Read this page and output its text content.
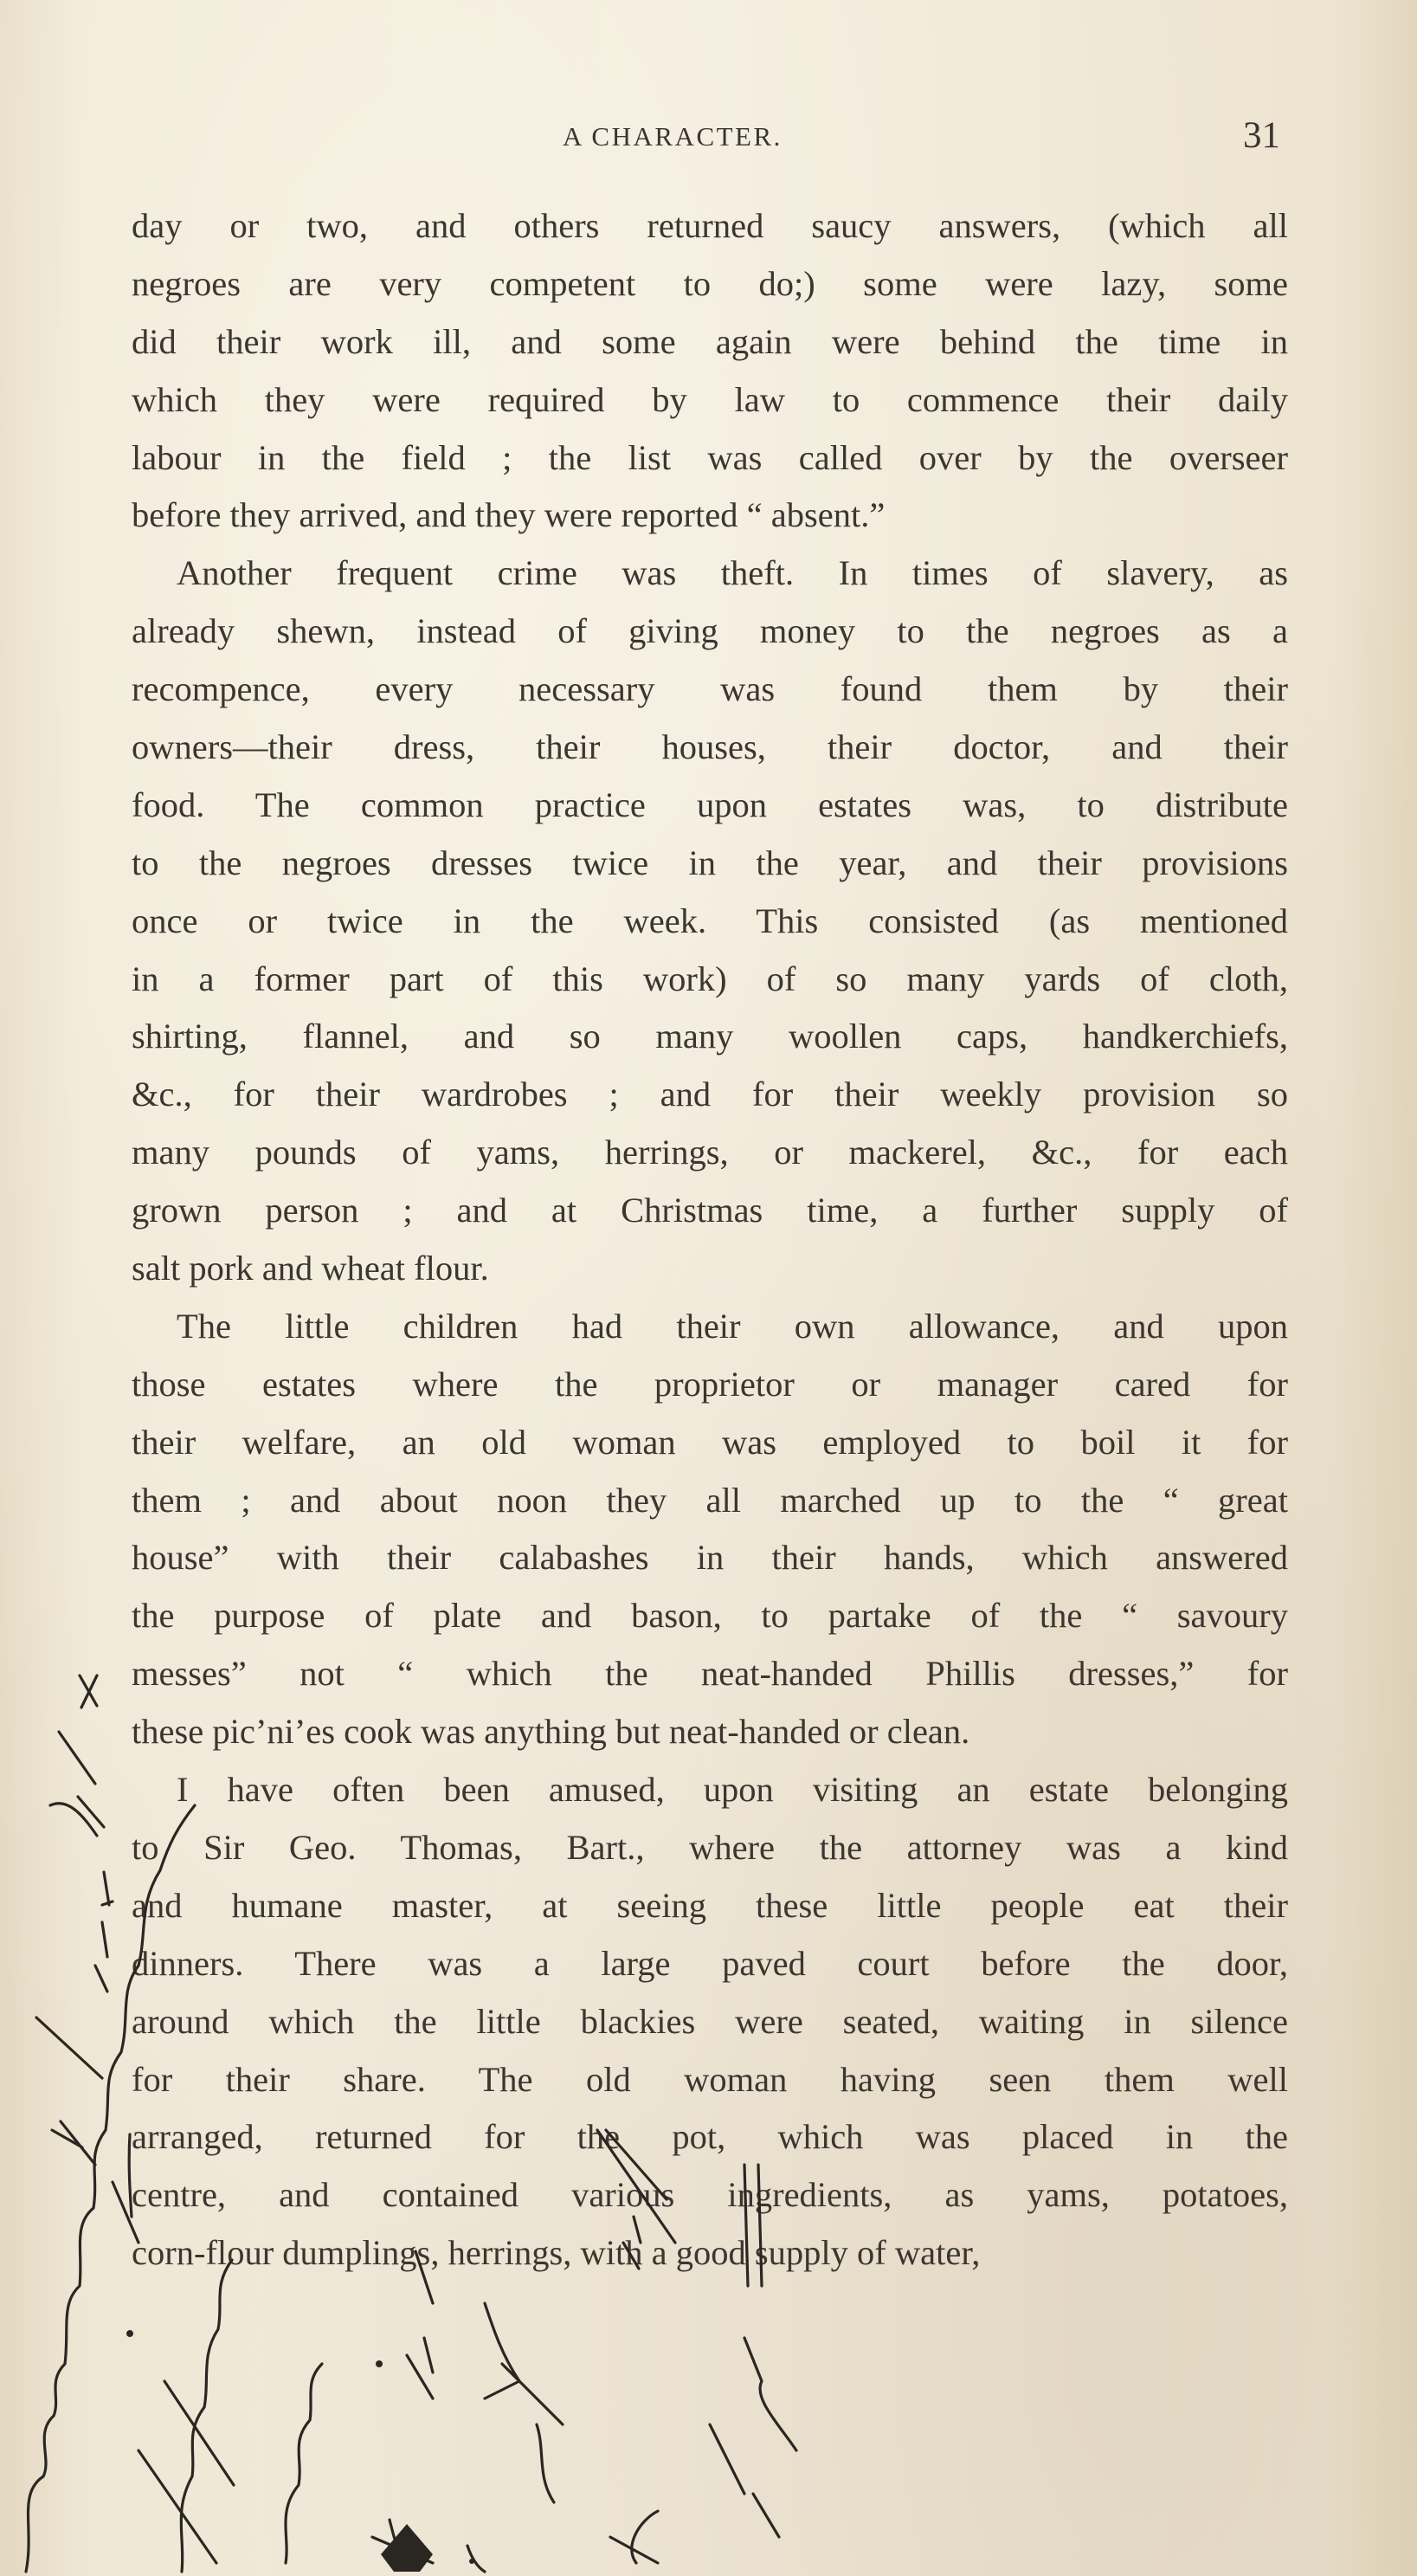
A CHARACTER.	31
day or two, and others returned saucy answers, (which all
negroes are very competent to do;) some were lazy, some
did their work ill, and some again were behind the time in
which they were required by law to commence their daily
labour in the field ; the list was called over by the overseer
before they arrived, and they were reported “ absent.”
Another frequent crime was theft. In times of slavery, as
already shewn, instead of giving money to the negroes as a
recompence, every necessary was found them by their
owners—their dress, their houses, their doctor, and their
food. The common practice upon estates was, to distribute
to the negroes dresses twice in the year, and their provisions
once or twice in the week. This consisted (as mentioned
in a former part of this work) of so many yards of cloth,
shirting, flannel, and so many woollen caps, handkerchiefs,
&c., for their wardrobes ; and for their weekly provision so
many pounds of yams, herrings, or mackerel, &c., for each
grown person ; and at Christmas time, a further supply of
salt pork and wheat flour.
The little children had their own allowance, and upon
those estates where the proprietor or manager cared for
their welfare, an old woman was employed to boil it for
them ; and about noon they all marched up to the “ great
house” with their calabashes in their hands, which answered
the purpose of plate and bason, to partake of the “ savoury
messes” not “ which the neat-handed Phillis dresses,” for
these pic’ni’es cook was anything but neat-handed or clean.
I have often been amused, upon visiting an estate belonging
to Sir Geo. Thomas, Bart., where the attorney was a kind
and humane master, at seeing these little people eat their
dinners. There was a large paved court before the door,
around which the little blackies were seated, waiting in silence
for their share. The old woman having seen them well
arranged, returned for the pot, which was placed in the
centre, and contained various ingredients, as yams, potatoes,
corn-flour dumplings, herrings, with a good supply of water,
